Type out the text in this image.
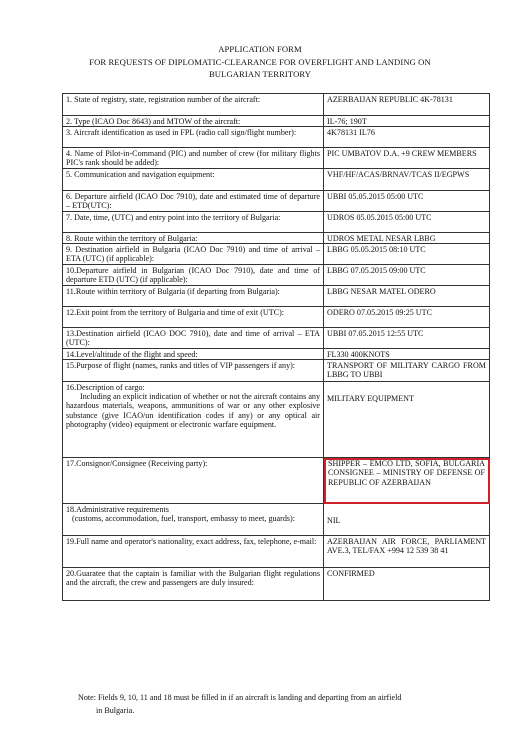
APPLICATION FORM
FOR REQUESTS OF DIPLOMATIC-CLEARANCE FOR OVERFLIGHT AND LANDING ON
BULGARIAN TERRITORY
1. State of registry, state, registration number of the aircraft:	AZERBAIJAN REPUBLIC 4K-78131
2. Type (ICAO Doc 8643) and MTOW of the aircraft:	IL-76; 190T
3. Aircraft identification as used in FPL (radio call sign/flight number):	4K78131 IL76
4. Name of Pilot-in-Command (PIC) and number of crew (for military flights PIC's rank should be added):	PIC UMBATOV D.A. +9 CREW MEMBERS
5. Communication and navigation equipment:	VHF/HF/ACAS/BRNAV/TCAS II/EGPWS
6. Departure airfield (ICAO Doc 7910), date and estimated time of departure – ETD(UTC):	UBBI 05.05.2015 05:00 UTC
7. Date, time, (UTC) and entry point into the territory of Bulgaria:	UDROS 05.05.2015 05:00 UTC
8. Route within the territory of Bulgaria:	UDROS METAL NESAR LBBG
9. Destination airfield in Bulgaria (ICAO Doc 7910) and time of arrival – ETA (UTC) (if applicable):	LBBG 05.05.2015 08:10 UTC
10.Departure airfield in Bulgarian (ICAO Doc 7910), date and time of departure ETD (UTC) (if applicable):	LBBG 07.05.2015 09:00 UTC
11.Route within territory of Bulgaria (if departing from Bulgaria):	LBBG NESAR MATEL ODERO
12.Exit point from the territory of Bulgaria and time of exit (UTC):	ODERO 07.05.2015 09:25 UTC
13.Destination airfield (ICAO DOC 7910), date and time of arrival – ETA (UTC):	UBBI 07.05.2015 12:55 UTC
14.Level/altitude of the flight and speed:	FL330 400KNOTS
15.Purpose of flight (names, ranks and titles of VIP passengers if any):	TRANSPORT OF MILITARY CARGO FROM LBBG TO UBBI

16.Description of cargo:
Including an explicit indication of whether or not the aircraft contains any hazardous materials, weapons, ammunitions of war or any other explosive substance (give ICAO/un identification codes if any) or any optical air photography (video) equipment or electronic warfare equipment.	MILITARY EQUIPMENT
17.Consignor/Consignee (Receiving party):	SHIPPER – EMCO LTD, SOFIA, BULGARIA CONSIGNEE – MINISTRY OF DEFENSE OF REPUBLIC OF AZERBAIJAN

18.Administrative requirements
(customs, accommodation, fuel, transport, embassy to meet, guards):	NIL
19.Full name and operator's nationality, exact address, fax, telephone, e-mail:	AZERBAIJAN AIR FORCE, PARLIAMENT AVE.3, TEL/FAX +994 12 539 38 41
20.Guaratee that the captain is familiar with the Bulgarian flight regulations and the aircraft, the crew and passengers are duly insured:	CONFIRMED
Note: Fields 9, 10, 11 and 18 must be filled in if an aircraft is landing and departing from an airfield
in Bulgaria.
